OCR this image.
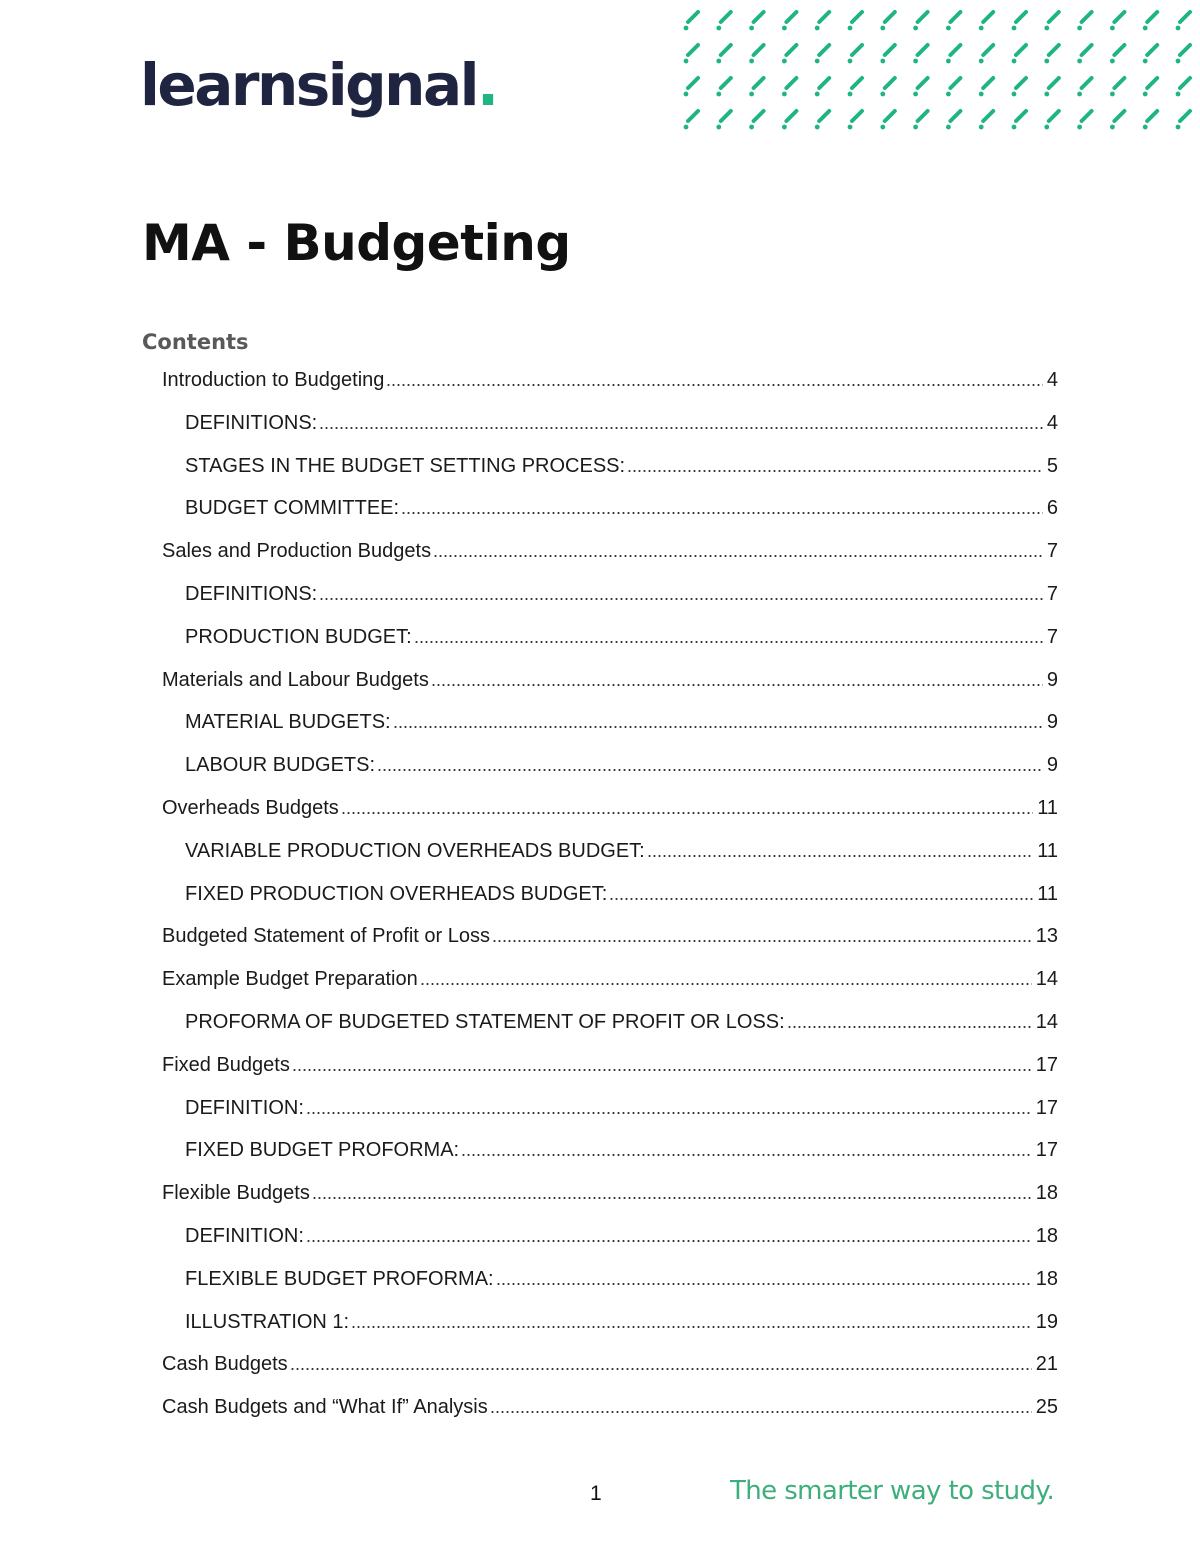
learnsignal.
MA - Budgeting
Contents
Introduction to Budgeting	4
DEFINITIONS:	4
STAGES IN THE BUDGET SETTING PROCESS:	5
BUDGET COMMITTEE:	6
Sales and Production Budgets	7
DEFINITIONS:	7
PRODUCTION BUDGET:	7
Materials and Labour Budgets	9
MATERIAL BUDGETS:	9
LABOUR BUDGETS:	9
Overheads Budgets	11
VARIABLE PRODUCTION OVERHEADS BUDGET:	11
FIXED PRODUCTION OVERHEADS BUDGET:	11
Budgeted Statement of Profit or Loss	13
Example Budget Preparation	14
PROFORMA OF BUDGETED STATEMENT OF PROFIT OR LOSS:	14
Fixed Budgets	17
DEFINITION:	17
FIXED BUDGET PROFORMA:	17
Flexible Budgets	18
DEFINITION:	18
FLEXIBLE BUDGET PROFORMA:	18
ILLUSTRATION 1:	19
Cash Budgets	21
Cash Budgets and “What If” Analysis	25
1	The smarter way to study.
